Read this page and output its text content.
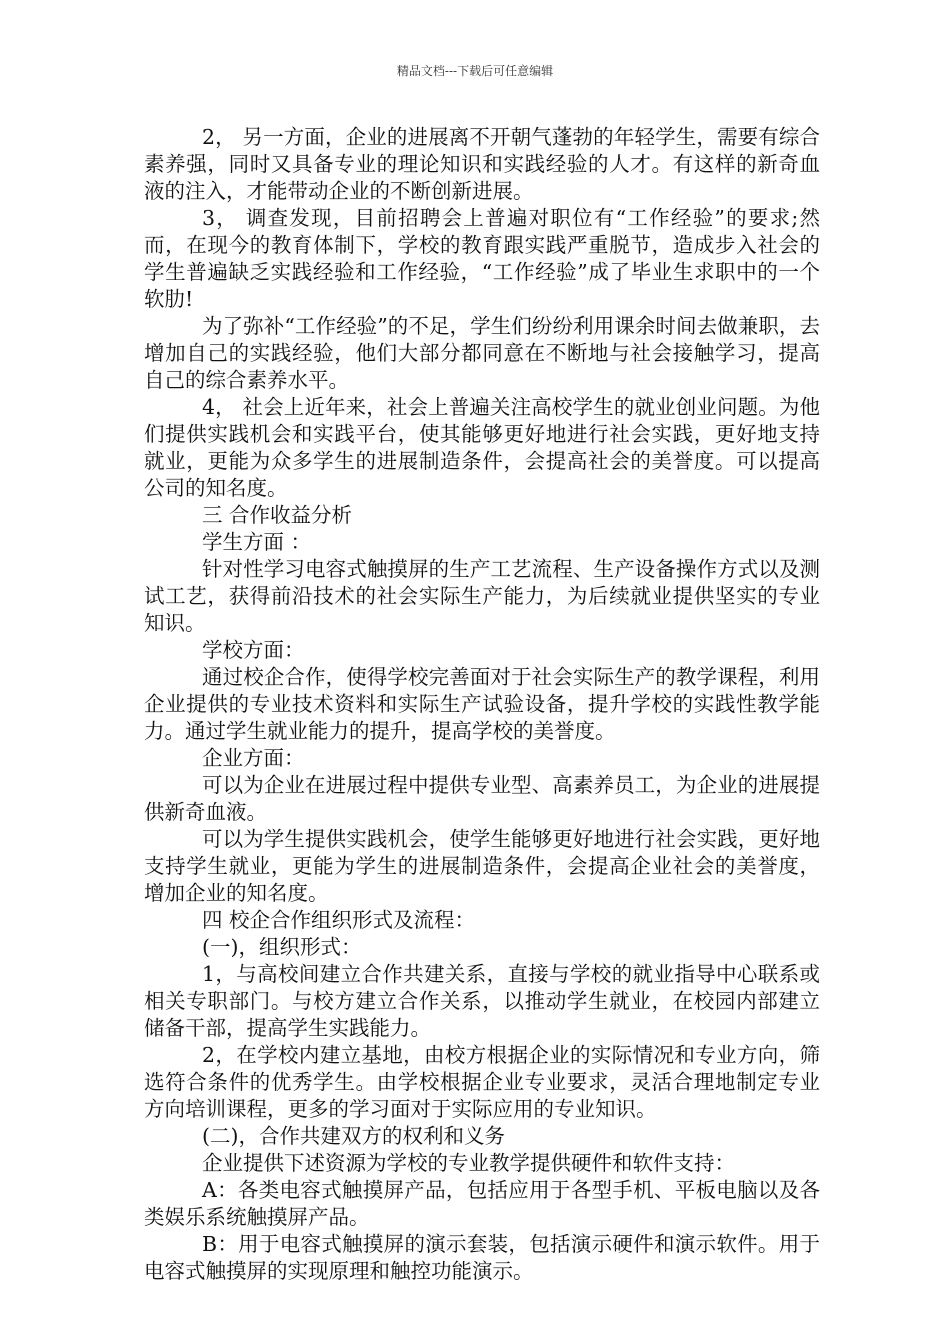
精品文档---下载后可任意编辑

2， 另一方面，企业的进展离不开朝气蓬勃的年轻学生，需要有综合素养强，同时又具备专业的理论知识和实践经验的人才。有这样的新奇血液的注入，才能带动企业的不断创新进展。

3， 调查发现，目前招聘会上普遍对职位有“工作经验”的要求;然而，在现今的教育体制下，学校的教育跟实践严重脱节，造成步入社会的学生普遍缺乏实践经验和工作经验，“工作经验”成了毕业生求职中的一个软肋!

为了弥补“工作经验”的不足，学生们纷纷利用课余时间去做兼职，去增加自己的实践经验，他们大部分都同意在不断地与社会接触学习，提高自己的综合素养水平。

4， 社会上近年来，社会上普遍关注高校学生的就业创业问题。为他们提供实践机会和实践平台，使其能够更好地进行社会实践，更好地支持就业，更能为众多学生的进展制造条件，会提高社会的美誉度。可以提高公司的知名度。

三 合作收益分析

学生方面 ：

针对性学习电容式触摸屏的生产工艺流程、生产设备操作方式以及测试工艺，获得前沿技术的社会实际生产能力，为后续就业提供坚实的专业知识。

学校方面：

通过校企合作，使得学校完善面对于社会实际生产的教学课程，利用企业提供的专业技术资料和实际生产试验设备，提升学校的实践性教学能力。通过学生就业能力的提升，提高学校的美誉度。

企业方面：

可以为企业在进展过程中提供专业型、高素养员工，为企业的进展提供新奇血液。

可以为学生提供实践机会，使学生能够更好地进行社会实践，更好地支持学生就业，更能为学生的进展制造条件，会提高企业社会的美誉度，增加企业的知名度。

四 校企合作组织形式及流程：

(一)，组织形式：

1，与高校间建立合作共建关系，直接与学校的就业指导中心联系或相关专职部门。与校方建立合作关系，以推动学生就业，在校园内部建立储备干部，提高学生实践能力。

2，在学校内建立基地，由校方根据企业的实际情况和专业方向，筛选符合条件的优秀学生。由学校根据企业专业要求，灵活合理地制定专业方向培训课程，更多的学习面对于实际应用的专业知识。

(二)，合作共建双方的权利和义务

企业提供下述资源为学校的专业教学提供硬件和软件支持：

A：各类电容式触摸屏产品，包括应用于各型手机、平板电脑以及各类娱乐系统触摸屏产品。

B：用于电容式触摸屏的演示套装，包括演示硬件和演示软件。用于电容式触摸屏的实现原理和触控功能演示。
